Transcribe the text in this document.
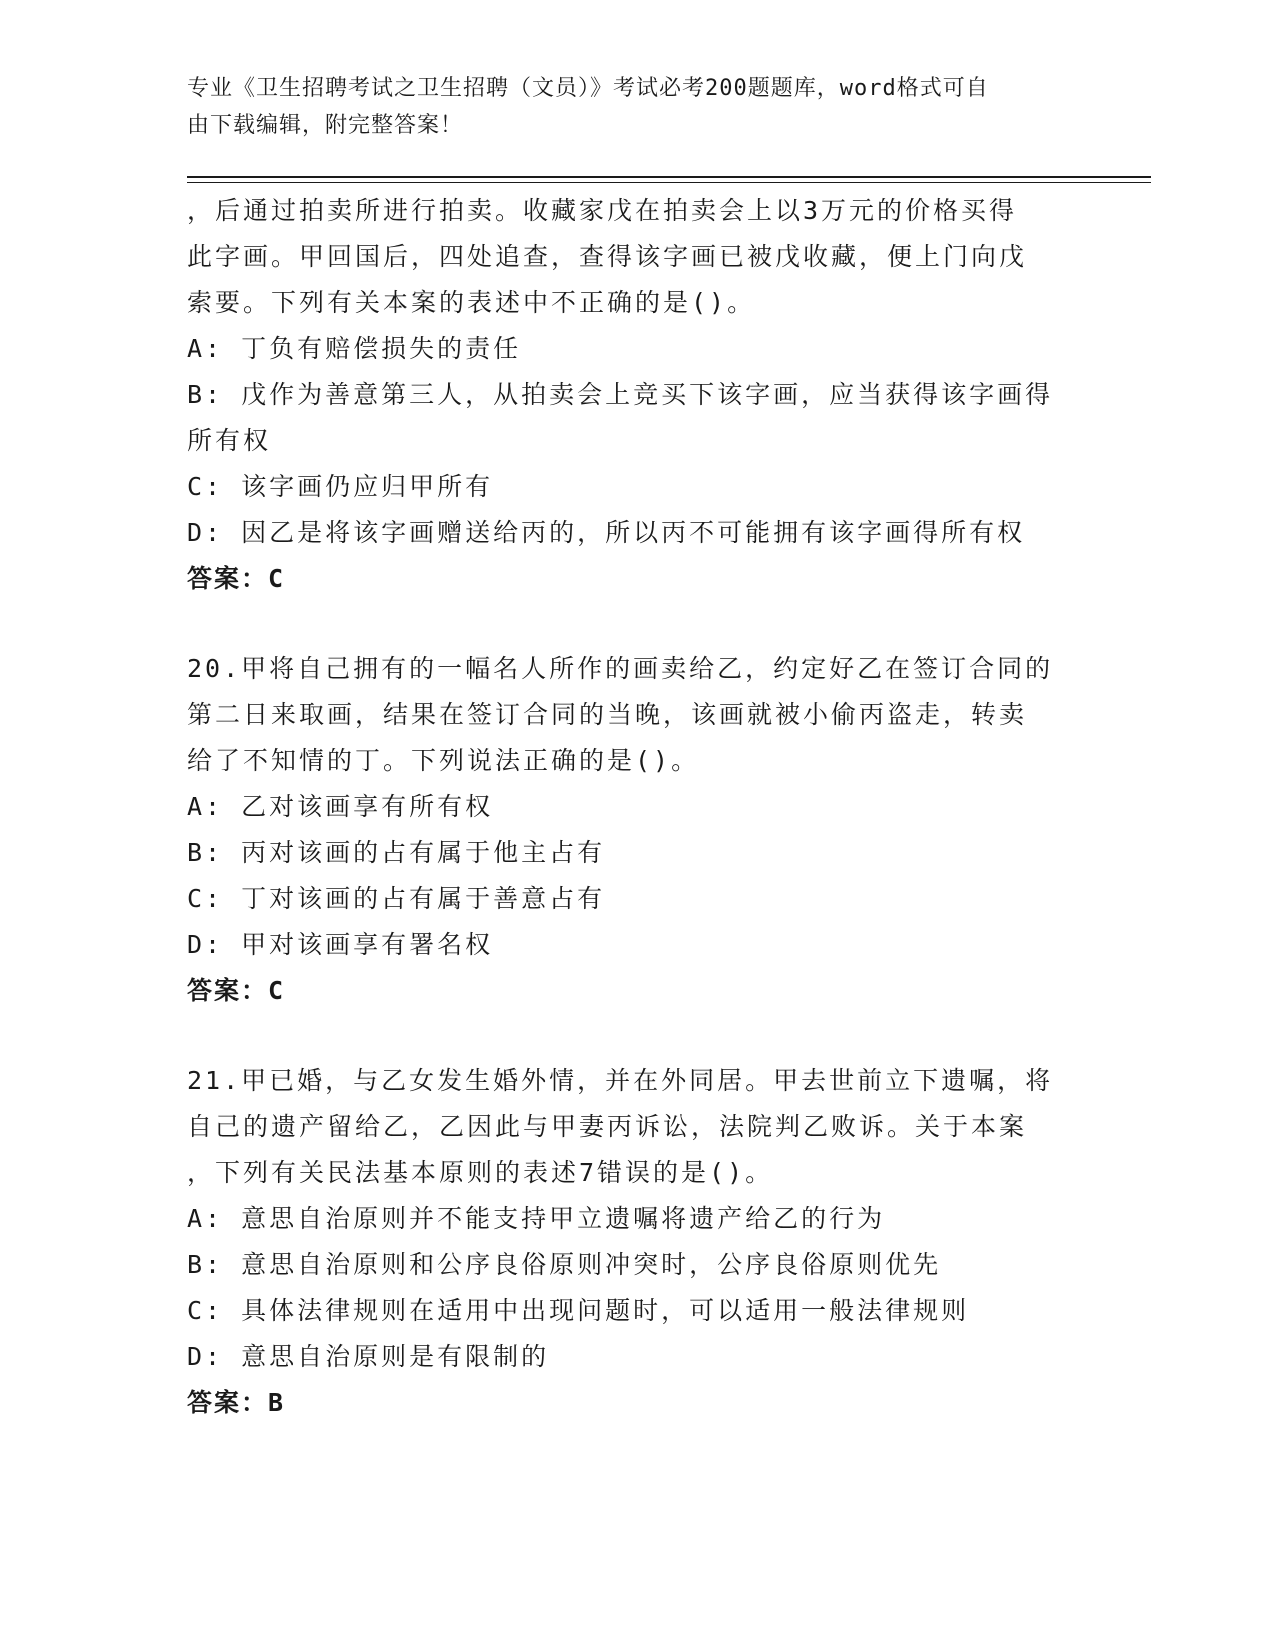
专业《卫生招聘考试之卫生招聘（文员）》考试必考200题题库，word格式可自
由下载编辑，附完整答案！
，后通过拍卖所进行拍卖。收藏家戊在拍卖会上以3万元的价格买得
此字画。甲回国后，四处追查，查得该字画已被戊收藏，便上门向戊
索要。下列有关本案的表述中不正确的是()。
A: 丁负有赔偿损失的责任
B: 戊作为善意第三人，从拍卖会上竞买下该字画，应当获得该字画得
所有权
C: 该字画仍应归甲所有
D: 因乙是将该字画赠送给丙的，所以丙不可能拥有该字画得所有权
答案：C
20.甲将自己拥有的一幅名人所作的画卖给乙，约定好乙在签订合同的
第二日来取画，结果在签订合同的当晚，该画就被小偷丙盗走，转卖
给了不知情的丁。下列说法正确的是()。
A: 乙对该画享有所有权
B: 丙对该画的占有属于他主占有
C: 丁对该画的占有属于善意占有
D: 甲对该画享有署名权
答案：C
21.甲已婚，与乙女发生婚外情，并在外同居。甲去世前立下遗嘱，将
自己的遗产留给乙，乙因此与甲妻丙诉讼，法院判乙败诉。关于本案
，下列有关民法基本原则的表述7错误的是()。
A: 意思自治原则并不能支持甲立遗嘱将遗产给乙的行为
B: 意思自治原则和公序良俗原则冲突时，公序良俗原则优先
C: 具体法律规则在适用中出现问题时，可以适用一般法律规则
D: 意思自治原则是有限制的
答案：B
